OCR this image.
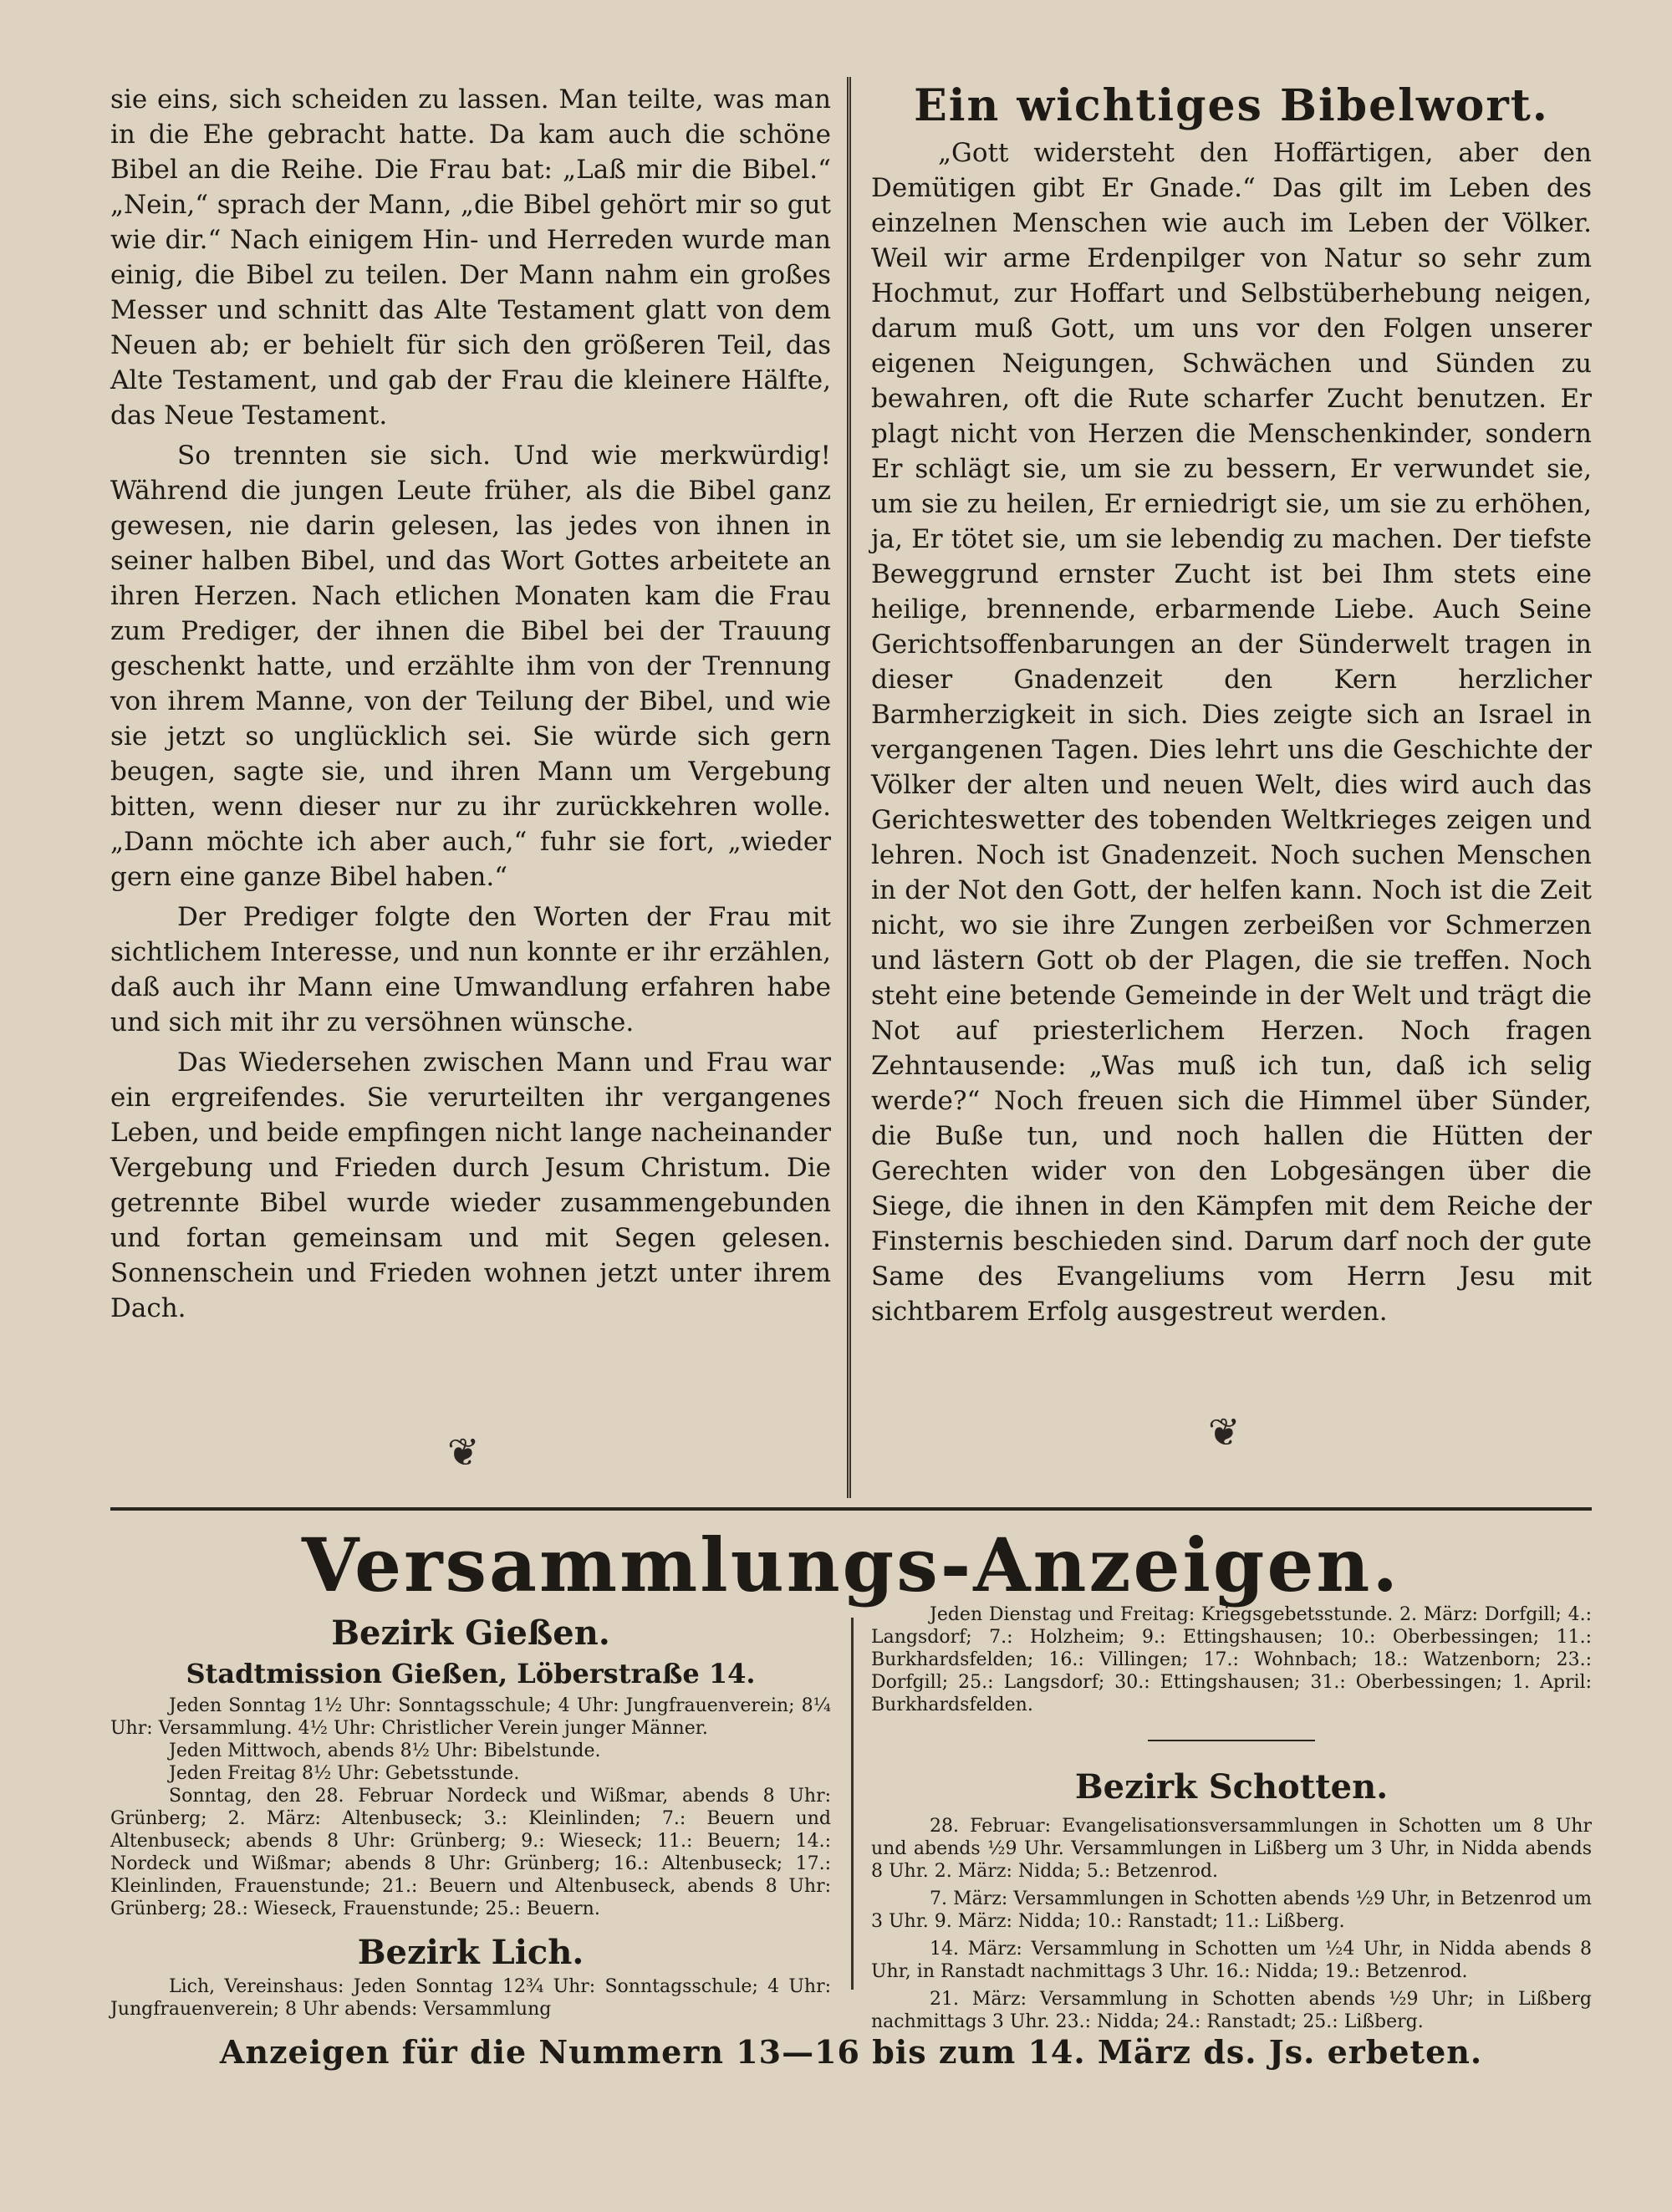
sie eins, sich scheiden zu lassen. Man teilte, was man in die Ehe gebracht hatte. Da kam auch die schöne Bibel an die Reihe. Die Frau bat: „Laß mir die Bibel.“ „Nein,“ sprach der Mann, „die Bibel gehört mir so gut wie dir.“ Nach einigem Hin- und Herreden wurde man einig, die Bibel zu teilen. Der Mann nahm ein großes Messer und schnitt das Alte Testament glatt von dem Neuen ab; er behielt für sich den größeren Teil, das Alte Testament, und gab der Frau die kleinere Hälfte, das Neue Testament.

So trennten sie sich. Und wie merkwürdig! Während die jungen Leute früher, als die Bibel ganz gewesen, nie darin gelesen, las jedes von ihnen in seiner halben Bibel, und das Wort Gottes arbeitete an ihren Herzen. Nach etlichen Monaten kam die Frau zum Prediger, der ihnen die Bibel bei der Trauung geschenkt hatte, und erzählte ihm von der Trennung von ihrem Manne, von der Teilung der Bibel, und wie sie jetzt so unglücklich sei. Sie würde sich gern beugen, sagte sie, und ihren Mann um Vergebung bitten, wenn dieser nur zu ihr zurückkehren wolle. „Dann möchte ich aber auch,“ fuhr sie fort, „wieder gern eine ganze Bibel haben.“

Der Prediger folgte den Worten der Frau mit sichtlichem Interesse, und nun konnte er ihr erzählen, daß auch ihr Mann eine Umwandlung erfahren habe und sich mit ihr zu versöhnen wünsche.

Das Wiedersehen zwischen Mann und Frau war ein ergreifendes. Sie verurteilten ihr vergangenes Leben, und beide empfingen nicht lange nacheinander Vergebung und Frieden durch Jesum Christum. Die getrennte Bibel wurde wieder zusammengebunden und fortan gemeinsam und mit Segen gelesen. Sonnenschein und Frieden wohnen jetzt unter ihrem Dach.

❦
Ein wichtiges Bibelwort.

„Gott widersteht den Hoffärtigen, aber den Demütigen gibt Er Gnade.“ Das gilt im Leben des einzelnen Menschen wie auch im Leben der Völker. Weil wir arme Erdenpilger von Natur so sehr zum Hochmut, zur Hoffart und Selbstüberhebung neigen, darum muß Gott, um uns vor den Folgen unserer eigenen Neigungen, Schwächen und Sünden zu bewahren, oft die Rute scharfer Zucht benutzen. Er plagt nicht von Herzen die Menschenkinder, sondern Er schlägt sie, um sie zu bessern, Er verwundet sie, um sie zu heilen, Er erniedrigt sie, um sie zu erhöhen, ja, Er tötet sie, um sie lebendig zu machen. Der tiefste Beweggrund ernster Zucht ist bei Ihm stets eine heilige, brennende, erbarmende Liebe. Auch Seine Gerichtsoffenbarungen an der Sünderwelt tragen in dieser Gnadenzeit den Kern herzlicher Barmherzigkeit in sich. Dies zeigte sich an Israel in vergangenen Tagen. Dies lehrt uns die Geschichte der Völker der alten und neuen Welt, dies wird auch das Gerichteswetter des tobenden Weltkrieges zeigen und lehren. Noch ist Gnadenzeit. Noch suchen Menschen in der Not den Gott, der helfen kann. Noch ist die Zeit nicht, wo sie ihre Zungen zerbeißen vor Schmerzen und lästern Gott ob der Plagen, die sie treffen. Noch steht eine betende Gemeinde in der Welt und trägt die Not auf priesterlichem Herzen. Noch fragen Zehntausende: „Was muß ich tun, daß ich selig werde?“ Noch freuen sich die Himmel über Sünder, die Buße tun, und noch hallen die Hütten der Gerechten wider von den Lobgesängen über die Siege, die ihnen in den Kämpfen mit dem Reiche der Finsternis beschieden sind. Darum darf noch der gute Same des Evangeliums vom Herrn Jesu mit sichtbarem Erfolg ausgestreut werden.

❦
Versammlungs-Anzeigen.
Bezirk Gießen.
Stadtmission Gießen, Löberstraße 14.

Jeden Sonntag 1½ Uhr: Sonntagsschule; 4 Uhr: Jungfrauenverein; 8¼ Uhr: Versammlung. 4½ Uhr: Christlicher Verein junger Männer.

Jeden Mittwoch, abends 8½ Uhr: Bibelstunde.

Jeden Freitag 8½ Uhr: Gebetsstunde.

Sonntag, den 28. Februar Nordeck und Wißmar, abends 8 Uhr: Grünberg; 2. März: Altenbuseck; 3.: Kleinlinden; 7.: Beuern und Altenbuseck; abends 8 Uhr: Grünberg; 9.: Wieseck; 11.: Beuern; 14.: Nordeck und Wißmar; abends 8 Uhr: Grünberg; 16.: Altenbuseck; 17.: Kleinlinden, Frauenstunde; 21.: Beuern und Altenbuseck, abends 8 Uhr: Grünberg; 28.: Wieseck, Frauenstunde; 25.: Beuern.

Bezirk Lich.

Lich, Vereinshaus: Jeden Sonntag 12¾ Uhr: Sonntagsschule; 4 Uhr: Jungfrauenverein; 8 Uhr abends: Versammlung

Jeden Dienstag und Freitag: Kriegsgebetsstunde. 2. März: Dorfgill; 4.: Langsdorf; 7.: Holzheim; 9.: Ettingshausen; 10.: Oberbessingen; 11.: Burkhardsfelden; 16.: Villingen; 17.: Wohnbach; 18.: Watzenborn; 23.: Dorfgill; 25.: Langsdorf; 30.: Ettingshausen; 31.: Oberbessingen; 1. April: Burkhardsfelden.

Bezirk Schotten.

28. Februar: Evangelisationsversammlungen in Schotten um 8 Uhr und abends ½9 Uhr. Versammlungen in Lißberg um 3 Uhr, in Nidda abends 8 Uhr. 2. März: Nidda; 5.: Betzenrod.

7. März: Versammlungen in Schotten abends ½9 Uhr, in Betzenrod um 3 Uhr. 9. März: Nidda; 10.: Ranstadt; 11.: Lißberg.

14. März: Versammlung in Schotten um ½4 Uhr, in Nidda abends 8 Uhr, in Ranstadt nachmittags 3 Uhr. 16.: Nidda; 19.: Betzenrod.

21. März: Versammlung in Schotten abends ½9 Uhr; in Lißberg nachmittags 3 Uhr. 23.: Nidda; 24.: Ranstadt; 25.: Lißberg.

Anzeigen für die Nummern 13—16 bis zum 14. März ds. Js. erbeten.
